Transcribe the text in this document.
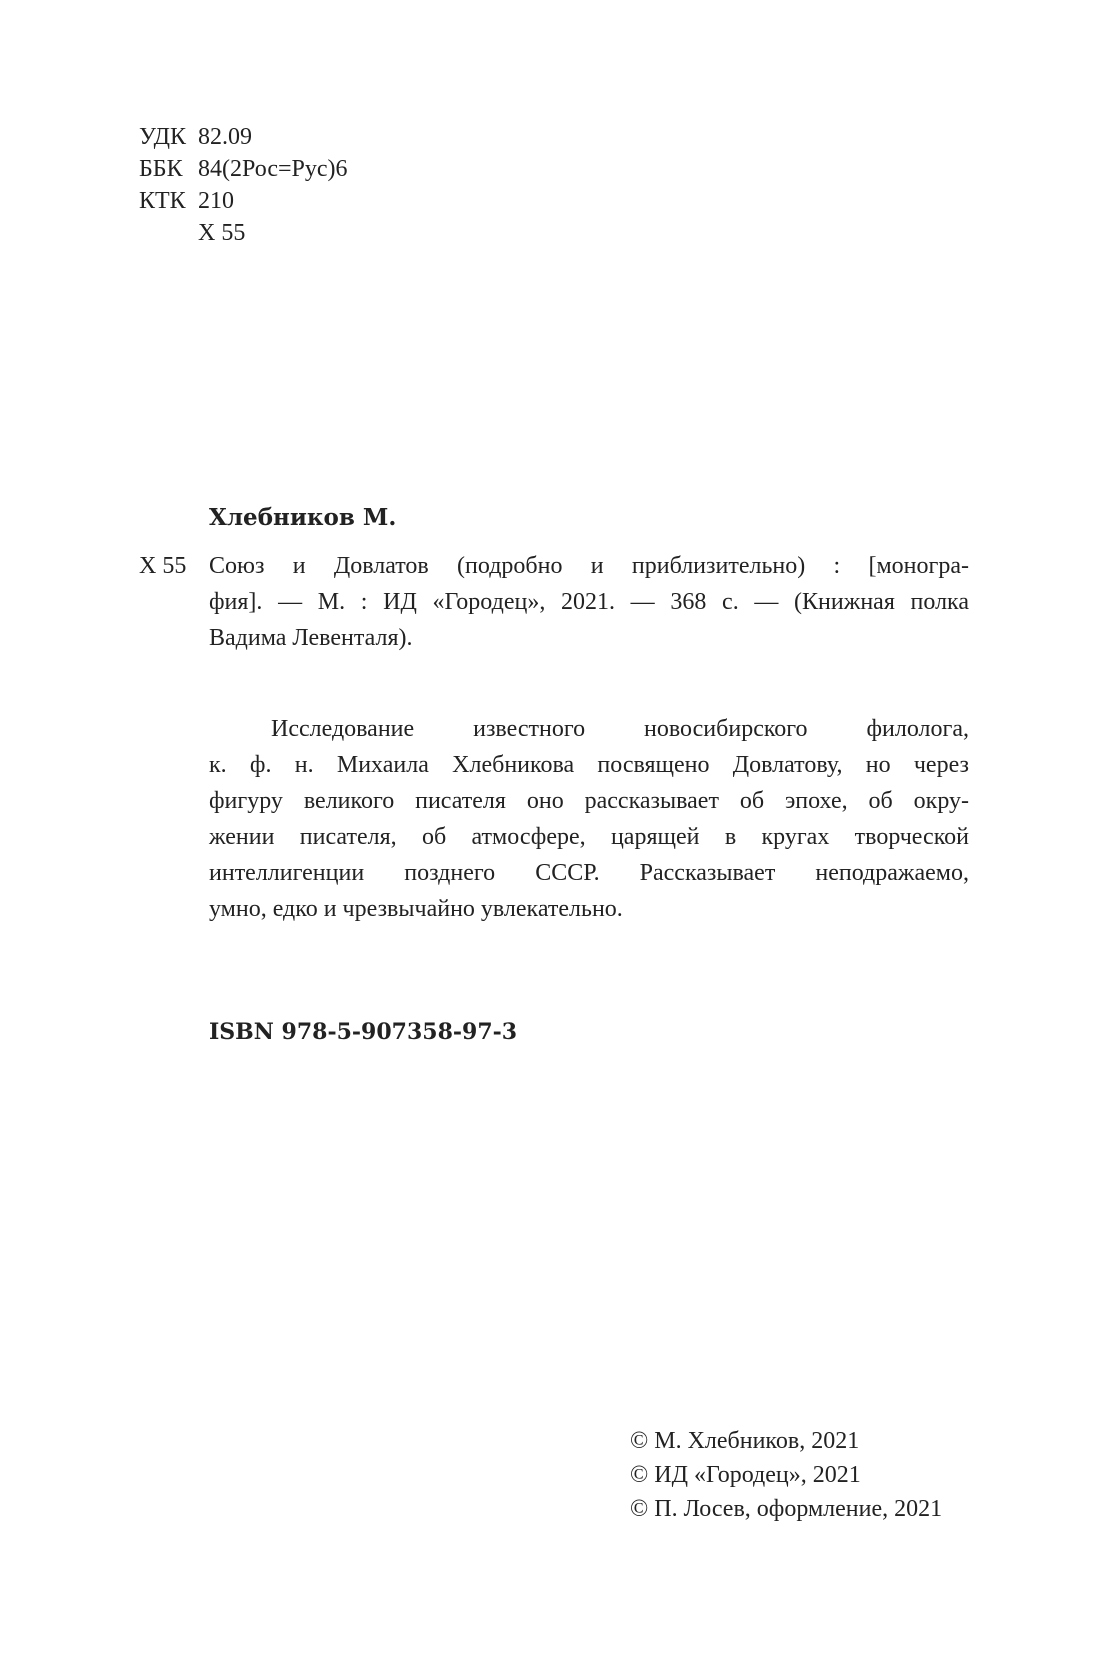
УДК 82.09
ББК 84(2Рос=Рус)6
КТК 210
Х 55
Хлебников М.
Х 55 Союз и Довлатов (подробно и приблизительно) : [моногра-
фия]. — М. : ИД «Городец», 2021. — 368 с. — (Книжная полка
Вадима Левенталя).
Исследование известного новосибирского филолога,
к. ф. н. Михаила Хлебникова посвящено Довлатову, но через
фигуру великого писателя оно рассказывает об эпохе, об окру-
жении писателя, об атмосфере, царящей в кругах творческой
интеллигенции позднего СССР. Рассказывает неподражаемо,
умно, едко и чрезвычайно увлекательно.
ISBN 978-5-907358-97-3
© М. Хлебников, 2021
© ИД «Городец», 2021
© П. Лосев, оформление, 2021
